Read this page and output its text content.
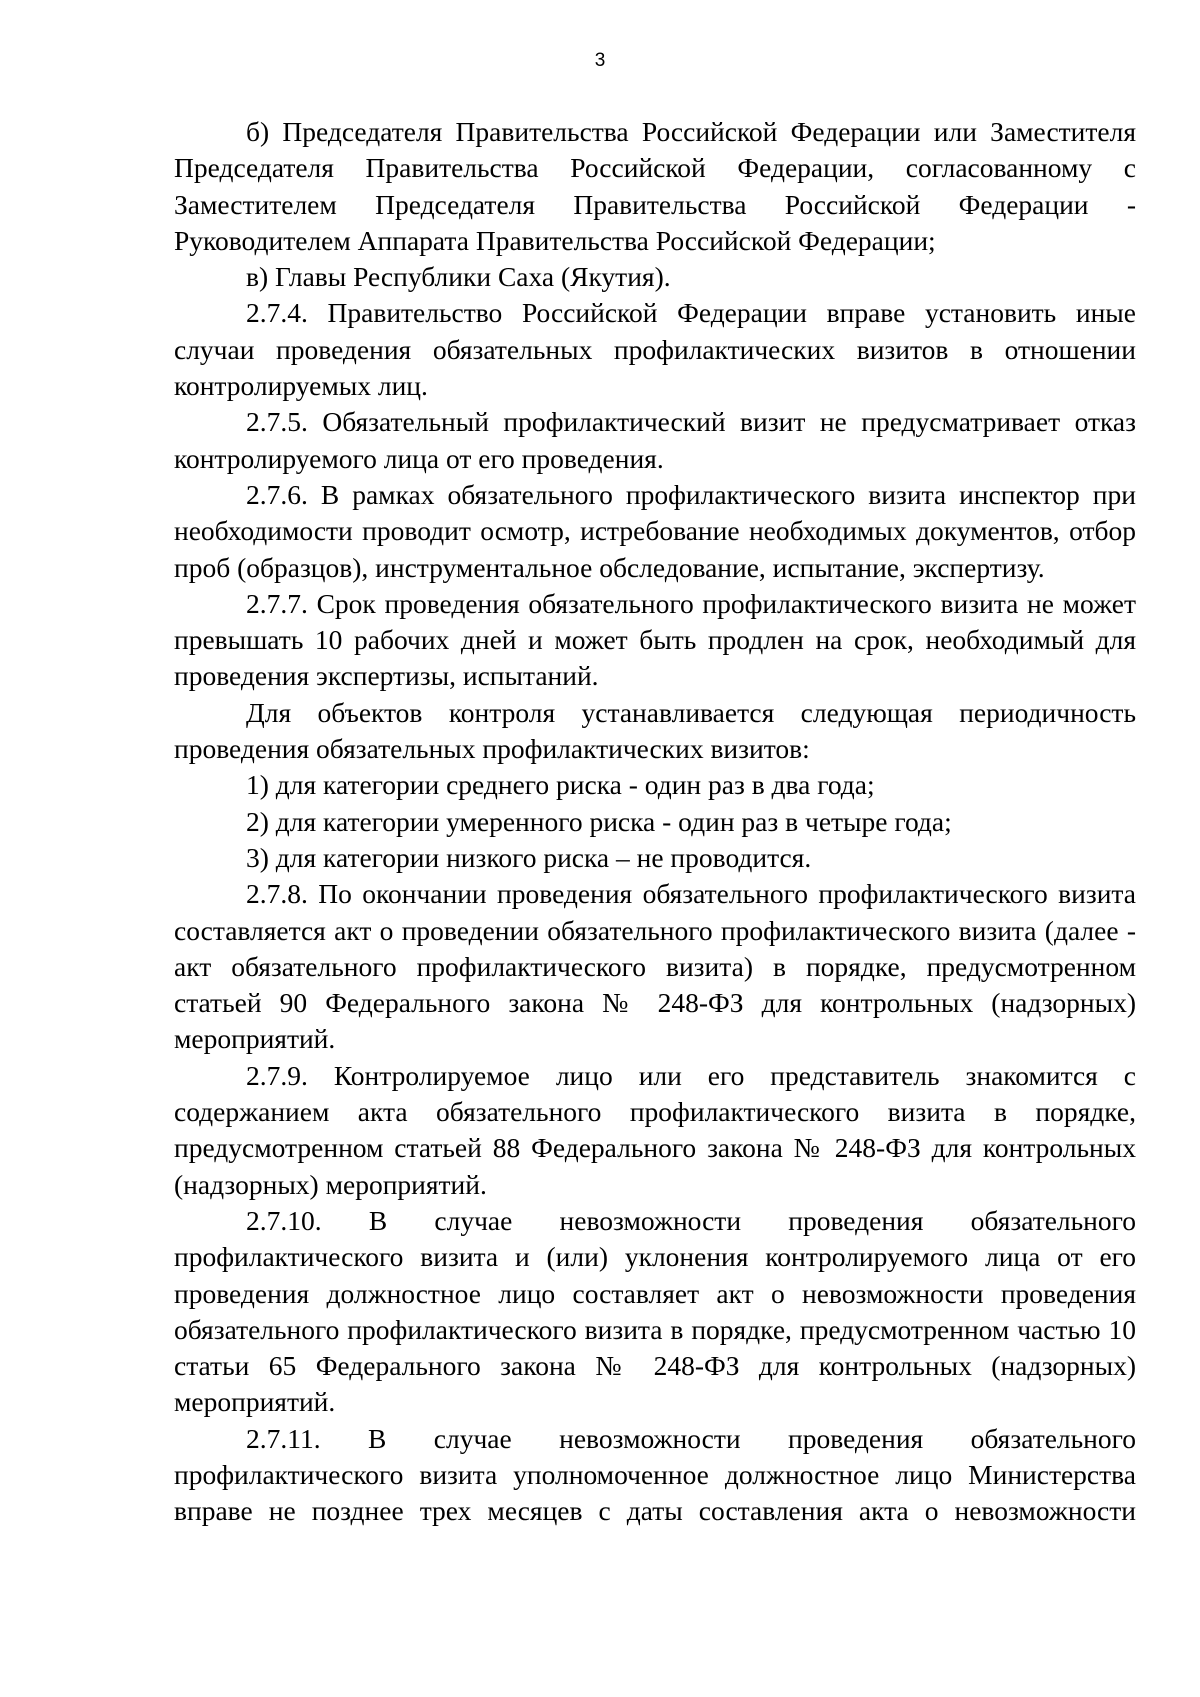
3

б) Председателя Правительства Российской Федерации или Заместителя Председателя Правительства Российской Федерации, согласованному с Заместителем Председателя Правительства Российской Федерации - Руководителем Аппарата Правительства Российской Федерации;

в) Главы Республики Саха (Якутия).

2.7.4. Правительство Российской Федерации вправе установить иные случаи проведения обязательных профилактических визитов в отношении контролируемых лиц.

2.7.5. Обязательный профилактический визит не предусматривает отказ контролируемого лица от его проведения.

2.7.6. В рамках обязательного профилактического визита инспектор при необходимости проводит осмотр, истребование необходимых документов, отбор проб (образцов), инструментальное обследование, испытание, экспертизу.

2.7.7. Срок проведения обязательного профилактического визита не может превышать 10 рабочих дней и может быть продлен на срок, необходимый для проведения экспертизы, испытаний.

Для объектов контроля устанавливается следующая периодичность проведения обязательных профилактических визитов:

1) для категории среднего риска - один раз в два года;

2) для категории умеренного риска - один раз в четыре года;

3) для категории низкого риска – не проводится.

2.7.8. По окончании проведения обязательного профилактического визита составляется акт о проведении обязательного профилактического визита (далее - акт обязательного профилактического визита) в порядке, предусмотренном статьей 90 Федерального закона № 248-ФЗ для контрольных (надзорных) мероприятий.

2.7.9. Контролируемое лицо или его представитель знакомится с содержанием акта обязательного профилактического визита в порядке, предусмотренном статьей 88 Федерального закона № 248-ФЗ для контрольных (надзорных) мероприятий.

2.7.10. В случае невозможности проведения обязательного профилактического визита и (или) уклонения контролируемого лица от его проведения должностное лицо составляет акт о невозможности проведения обязательного профилактического визита в порядке, предусмотренном частью 10 статьи 65 Федерального закона № 248-ФЗ для контрольных (надзорных) мероприятий.

2.7.11. В случае невозможности проведения обязательного профилактического визита уполномоченное должностное лицо Министерства вправе не позднее трех месяцев с даты составления акта о невозможности
